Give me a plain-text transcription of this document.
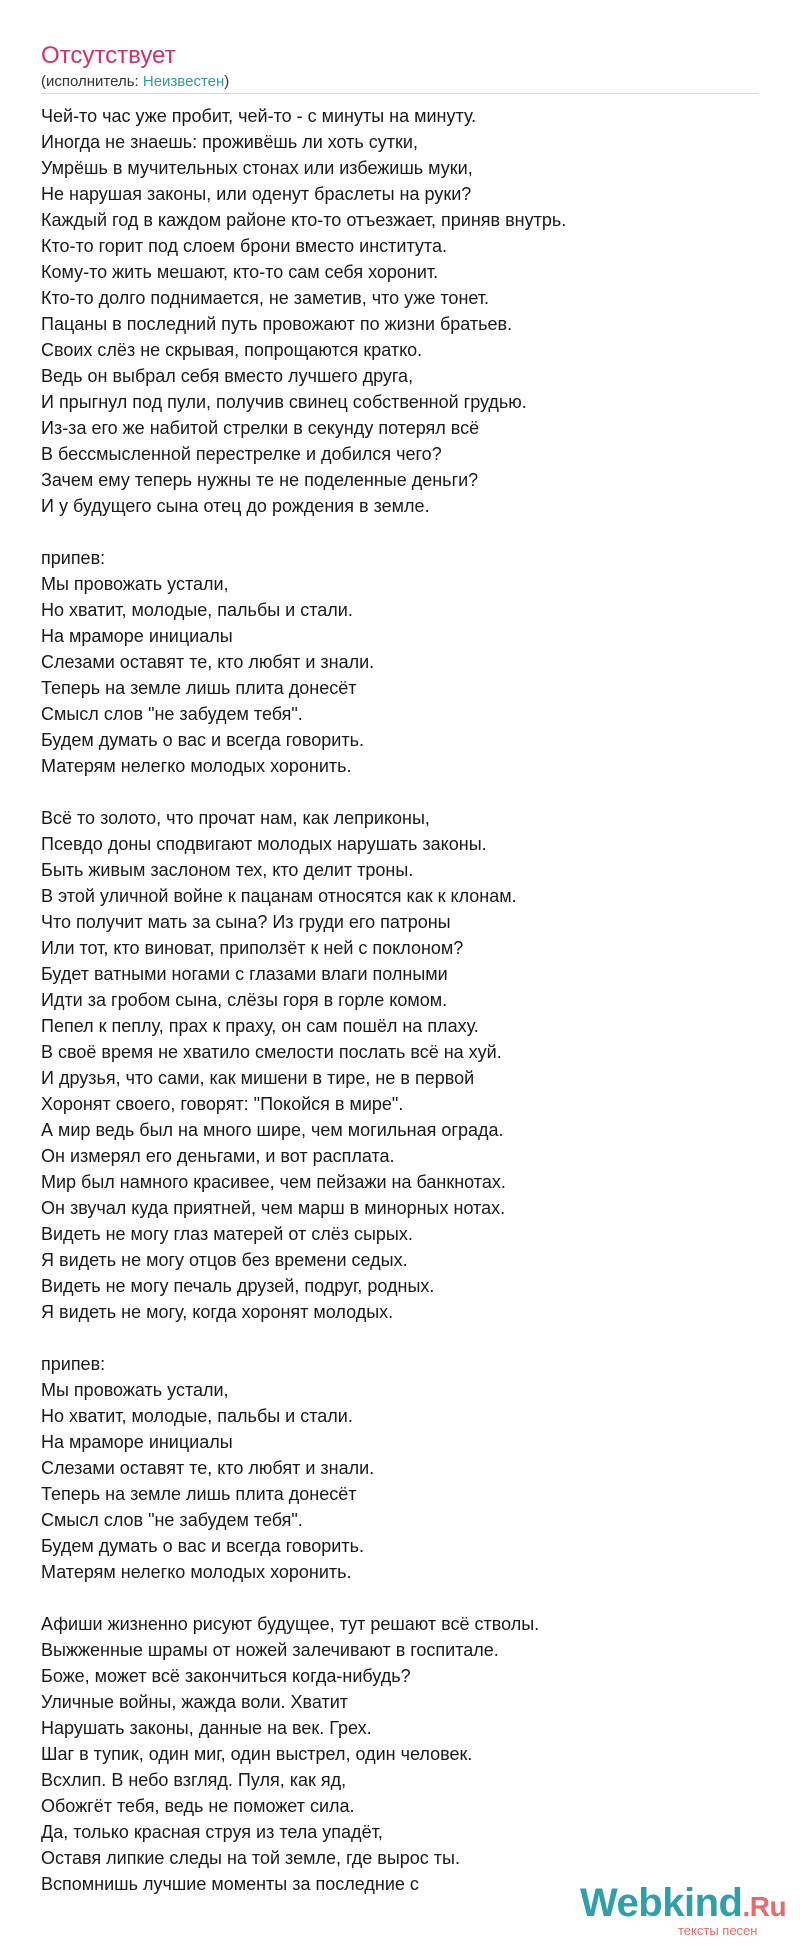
Отсутствует
(исполнитель: Неизвестен)
Чей-то час уже пробит, чей-то - с минуты на минуту.
Иногда не знаешь: проживёшь ли хоть сутки,
Умрёшь в мучительных стонах или избежишь муки,
Не нарушая законы, или оденут браслеты на руки?
Каждый год в каждом районе кто-то отъезжает, приняв внутрь.
Кто-то горит под слоем брони вместо института.
Кому-то жить мешают, кто-то сам себя хоронит.
Кто-то долго поднимается, не заметив, что уже тонет.
Пацаны в последний путь провожают по жизни братьев.
Своих слёз не скрывая, попрощаются кратко.
Ведь он выбрал себя вместо лучшего друга,
И прыгнул под пули, получив свинец собственной грудью.
Из-за его же набитой стрелки в секунду потерял всё
В бессмысленной перестрелке и добился чего?
Зачем ему теперь нужны те не поделенные деньги?
И у будущего сына отец до рождения в земле.
припев:
Мы провожать устали,
Но хватит, молодые, пальбы и стали.
На мраморе инициалы
Слезами оставят те, кто любят и знали.
Теперь на земле лишь плита донесёт
Смысл слов "не забудем тебя".
Будем думать о вас и всегда говорить.
Матерям нелегко молодых хоронить.
Всё то золото, что прочат нам, как леприконы,
Псевдо доны сподвигают молодых нарушать законы.
Быть живым заслоном тех, кто делит троны.
В этой уличной войне к пацанам относятся как к клонам.
Что получит мать за сына? Из груди его патроны
Или тот, кто виноват, приползёт к ней с поклоном?
Будет ватными ногами с глазами влаги полными
Идти за гробом сына, слёзы горя в горле комом.
Пепел к пеплу, прах к праху, он сам пошёл на плаху.
В своё время не хватило смелости послать всё на хуй.
И друзья, что сами, как мишени в тире, не в первой
Хоронят своего, говорят: "Покойся в мире".
А мир ведь был на много шире, чем могильная ограда.
Он измерял его деньгами, и вот расплата.
Мир был намного красивее, чем пейзажи на банкнотах.
Он звучал куда приятней, чем марш в минорных нотах.
Видеть не могу глаз матерей от слёз сырых.
Я видеть не могу отцов без времени седых.
Видеть не могу печаль друзей, подруг, родных.
Я видеть не могу, когда хоронят молодых.
припев:
Мы провожать устали,
Но хватит, молодые, пальбы и стали.
На мраморе инициалы
Слезами оставят те, кто любят и знали.
Теперь на земле лишь плита донесёт
Смысл слов "не забудем тебя".
Будем думать о вас и всегда говорить.
Матерям нелегко молодых хоронить.
Афиши жизненно рисуют будущее, тут решают всё стволы.
Выжженные шрамы от ножей залечивают в госпитале.
Боже, может всё закончиться когда-нибудь?
Уличные войны, жажда воли. Хватит
Нарушать законы, данные на век. Грех.
Шаг в тупик, один миг, один выстрел, один человек.
Всхлип. В небо взгляд. Пуля, как яд,
Обожгёт тебя, ведь не поможет сила.
Да, только красная струя из тела упадёт,
Оставя липкие следы на той земле, где вырос ты.
Вспомнишь лучшие моменты за последние с	Webkind.Ru
тексты песен
